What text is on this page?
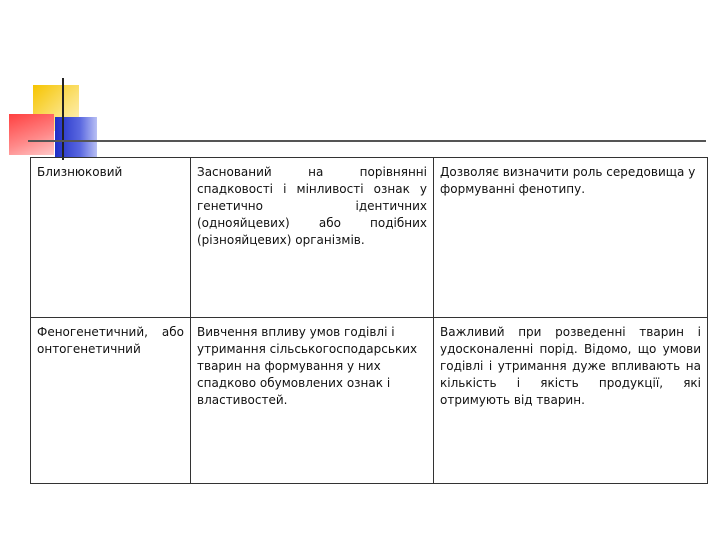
Близнюковий	Заснований на порівнянні спадковості і мінливості ознак у генетично ідентичних (однояйцевих) або подібних (різнояйцевих) організмів.	Дозволяє визначити роль середовища у формуванні фенотипу.
Феногенетичний, або онтогенетичний	Вивчення впливу умов годівлі і утримання сільськогосподарських тварин на формування у них спадково обумовлених ознак і властивостей.	Важливий при розведенні тварин і удосконаленні порід. Відомо, що умови годівлі і утримання дуже впливають на кількість і якість продукції, які отримують від тварин.
